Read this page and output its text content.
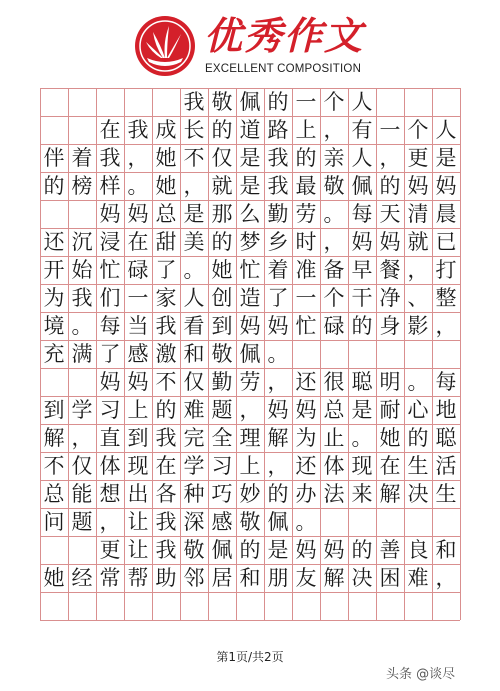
优秀作文
EXCELLENT COMPOSITION
我 敬 佩 的 一 个 人
在 我 成 长 的 道 路 上 ， 有 一 个 人
伴 着 我 ， 她 不 仅 是 我 的 亲 人 ， 更 是
的 榜 样 。 她 ， 就 是 我 最 敬 佩 的 妈 妈
妈 妈 总 是 那 么 勤 劳 。 每 天 清 晨
还 沉 浸 在 甜 美 的 梦 乡 时 ， 妈 妈 就 已
开 始 忙 碌 了 。 她 忙 着 准 备 早 餐 ， 打
为 我 们 一 家 人 创 造 了 一 个 干 净 、 整
境 。 每 当 我 看 到 妈 妈 忙 碌 的 身 影 ，
充 满 了 感 激 和 敬 佩 。
妈 妈 不 仅 勤 劳 ， 还 很 聪 明 。 每
到 学 习 上 的 难 题 ， 妈 妈 总 是 耐 心 地
解 ， 直 到 我 完 全 理 解 为 止 。 她 的 聪
不 仅 体 现 在 学 习 上 ， 还 体 现 在 生 活
总 能 想 出 各 种 巧 妙 的 办 法 来 解 决 生
问 题 ， 让 我 深 感 敬 佩 。
更 让 我 敬 佩 的 是 妈 妈 的 善 良 和
她 经 常 帮 助 邻 居 和 朋 友 解 决 困 难 ，
第1页/共2页
头条 @谈尽
